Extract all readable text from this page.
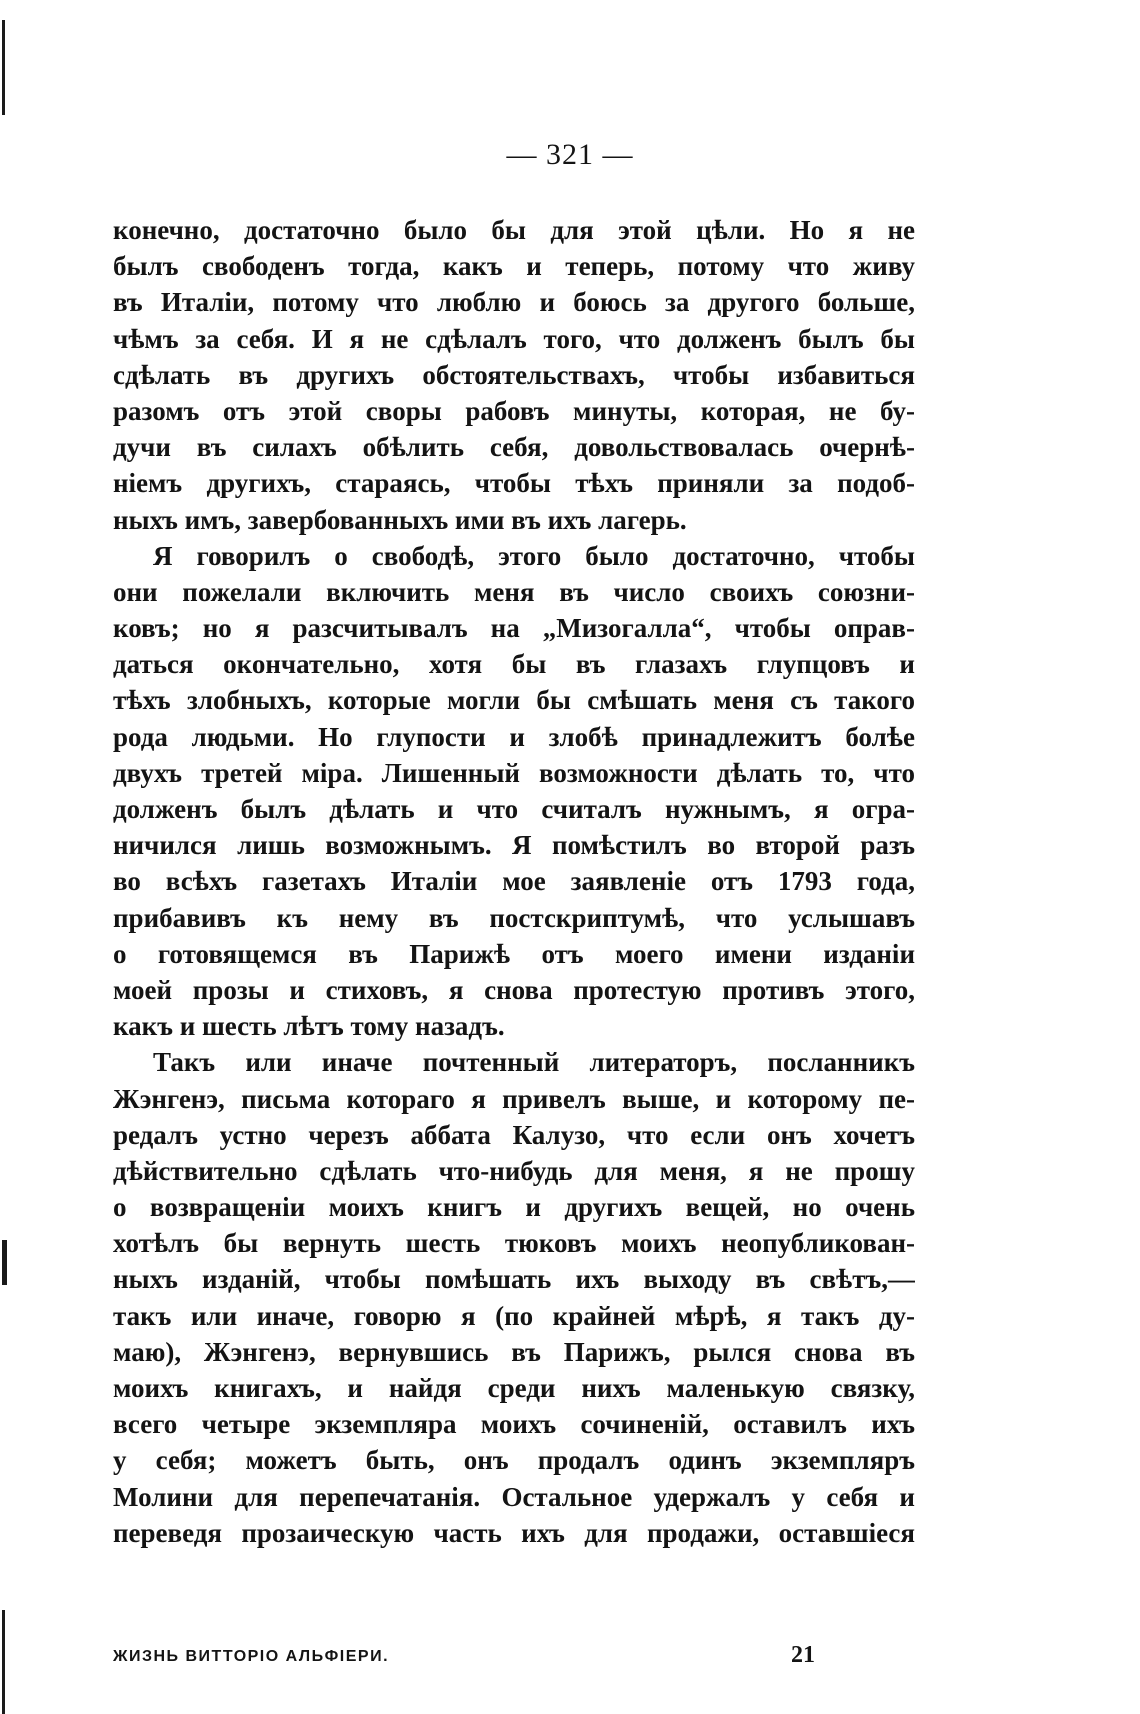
— 321 —
конечно, достаточно было бы для этой цѣли. Но я не
былъ свободенъ тогда, какъ и теперь, потому что живу
въ Италіи, потому что люблю и боюсь за другого больше,
чѣмъ за себя. И я не сдѣлалъ того, что долженъ былъ бы
сдѣлать въ другихъ обстоятельствахъ, чтобы избавиться
разомъ отъ этой своры рабовъ минуты, которая, не бу-
дучи въ силахъ обѣлить себя, довольствовалась очернѣ-
ніемъ другихъ, стараясь, чтобы тѣхъ приняли за подоб-
ныхъ имъ, завербованныхъ ими въ ихъ лагерь.
Я говорилъ о свободѣ, этого было достаточно, чтобы
они пожелали включить меня въ число своихъ союзни-
ковъ; но я разсчитывалъ на „Мизогалла“, чтобы оправ-
даться окончательно, хотя бы въ глазахъ глупцовъ и
тѣхъ злобныхъ, которые могли бы смѣшать меня съ такого
рода людьми. Но глупости и злобѣ принадлежитъ болѣе
двухъ третей міра. Лишенный возможности дѣлать то, что
долженъ былъ дѣлать и что считалъ нужнымъ, я огра-
ничился лишь возможнымъ. Я помѣстилъ во второй разъ
во всѣхъ газетахъ Италіи мое заявленіе отъ 1793 года,
прибавивъ къ нему въ постскриптумѣ, что услышавъ
о готовящемся въ Парижѣ отъ моего имени изданіи
моей прозы и стиховъ, я снова протестую противъ этого,
какъ и шесть лѣтъ тому назадъ.
Такъ или иначе почтенный литераторъ, посланникъ
Жэнгенэ, письма котораго я привелъ выше, и которому пе-
редалъ устно черезъ аббата Калузо, что если онъ хочетъ
дѣйствительно сдѣлать что-нибудь для меня, я не прошу
о возвращеніи моихъ книгъ и другихъ вещей, но очень
хотѣлъ бы вернуть шесть тюковъ моихъ неопубликован-
ныхъ изданій, чтобы помѣшать ихъ выходу въ свѣтъ,—
такъ или иначе, говорю я (по крайней мѣрѣ, я такъ ду-
маю), Жэнгенэ, вернувшись въ Парижъ, рылся снова въ
моихъ книгахъ, и найдя среди нихъ маленькую связку,
всего четыре экземпляра моихъ сочиненій, оставилъ ихъ
у себя; можетъ быть, онъ продалъ одинъ экземпляръ
Молини для перепечатанія. Остальное удержалъ у себя и
переведя прозаическую часть ихъ для продажи, оставшіеся
ЖИЗНЬ ВИТТОРІО АЛЬФІЕРИ.	21
